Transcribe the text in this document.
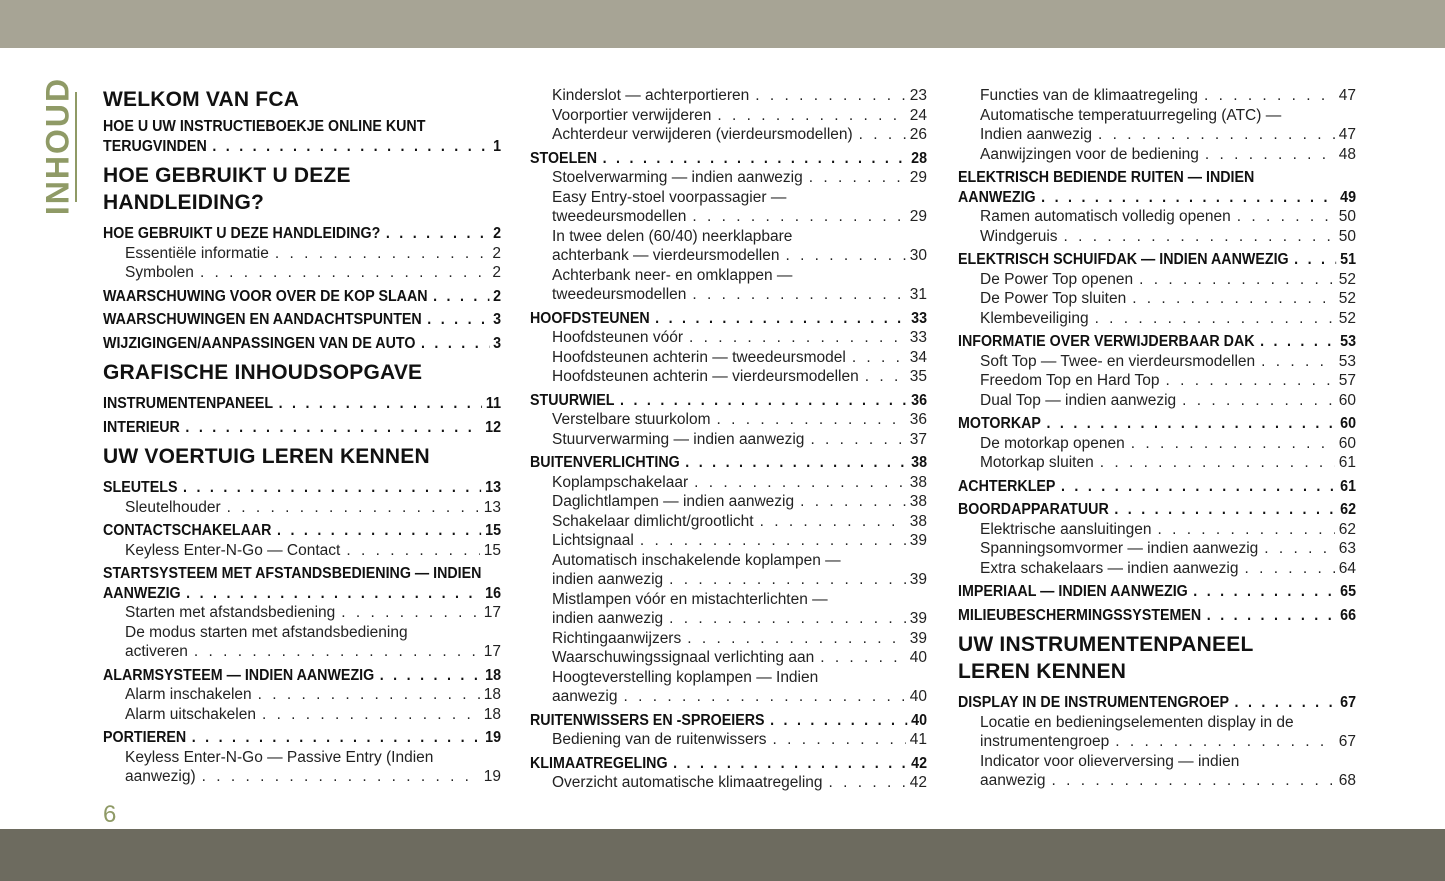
INHOUD WELKOM VAN FCA
HOE U UW INSTRUCTIEBOEKJE ONLINE KUNT
TERUGVINDEN . . .	1
HOE GEBRUIKT U DEZE
HANDLEIDING?
HOE GEBRUIKT U DEZE HANDLEIDING? . . .	2
Essentiële informatie . . .	2
Symbolen . . .	2
WAARSCHUWING VOOR OVER DE KOP SLAAN . . .	2
WAARSCHUWINGEN EN AANDACHTSPUNTEN . . .	3
WIJZIGINGEN/AANPASSINGEN VAN DE AUTO . . .	3
GRAFISCHE INHOUDSOPGAVE
INSTRUMENTENPANEEL . . .	11
INTERIEUR . . .	12
UW VOERTUIG LEREN KENNEN
SLEUTELS . . .	13
Sleutelhouder . . .	13
CONTACTSCHAKELAAR . . .	15
Keyless Enter-N-Go — Contact . . .	15
STARTSYSTEEM MET AFSTANDSBEDIENING — INDIEN
AANWEZIG . . .	16
Starten met afstandsbediening . . .	17
De modus starten met afstandsbediening
activeren . . .	17
ALARMSYSTEEM — INDIEN AANWEZIG . . .	18
Alarm inschakelen . . .	18
Alarm uitschakelen . . .	18
PORTIEREN . . .	19
Keyless Enter-N-Go — Passive Entry (Indien
aanwezig) . . .	19
Kinderslot — achterportieren . . .	23
Voorportier verwijderen . . .	24
Achterdeur verwijderen (vierdeursmodellen) . . .	26
STOELEN . . .	28
Stoelverwarming — indien aanwezig . . .	29
Easy Entry-stoel voorpassagier —
tweedeursmodellen . . .	29
In twee delen (60/40) neerklapbare
achterbank — vierdeursmodellen . . .	30
Achterbank neer- en omklappen —
tweedeursmodellen . . .	31
HOOFDSTEUNEN . . .	33
Hoofdsteunen vóór . . .	33
Hoofdsteunen achterin — tweedeursmodel . . .	34
Hoofdsteunen achterin — vierdeursmodellen . . .	35
STUURWIEL . . .	36
Verstelbare stuurkolom . . .	36
Stuurverwarming — indien aanwezig . . .	37
BUITENVERLICHTING . . .	38
Koplampschakelaar . . .	38
Daglichtlampen — indien aanwezig . . .	38
Schakelaar dimlicht/grootlicht . . .	38
Lichtsignaal . . .	39
Automatisch inschakelende koplampen —
indien aanwezig . . .	39
Mistlampen vóór en mistachterlichten —
indien aanwezig . . .	39
Richtingaanwijzers . . .	39
Waarschuwingssignaal verlichting aan . . .	40
Hoogteverstelling koplampen — Indien
aanwezig . . .	40
RUITENWISSERS EN -SPROEIERS . . .	40
Bediening van de ruitenwissers . . .	41
KLIMAATREGELING . . .	42
Overzicht automatische klimaatregeling . . .	42
Functies van de klimaatregeling . . .	47
Automatische temperatuurregeling (ATC) —
Indien aanwezig . . .	47
Aanwijzingen voor de bediening . . .	48
ELEKTRISCH BEDIENDE RUITEN — INDIEN
AANWEZIG . . .	49
Ramen automatisch volledig openen . . .	50
Windgeruis . . .	50
ELEKTRISCH SCHUIFDAK — INDIEN AANWEZIG . . .	51
De Power Top openen . . .	52
De Power Top sluiten . . .	52
Klembeveiliging . . .	52
INFORMATIE OVER VERWIJDERBAAR DAK . . .	53
Soft Top — Twee- en vierdeursmodellen . . .	53
Freedom Top en Hard Top . . .	57
Dual Top — indien aanwezig . . .	60
MOTORKAP . . .	60
De motorkap openen . . .	60
Motorkap sluiten . . .	61
ACHTERKLEP . . .	61
BOORDAPPARATUUR . . .	62
Elektrische aansluitingen . . .	62
Spanningsomvormer — indien aanwezig . . .	63
Extra schakelaars — indien aanwezig . . .	64
IMPERIAAL — INDIEN AANWEZIG . . .	65
MILIEUBESCHERMINGSSYSTEMEN . . .	66
UW INSTRUMENTENPANEEL
LEREN KENNEN
DISPLAY IN DE INSTRUMENTENGROEP . . .	67
Locatie en bedieningselementen display in de
instrumentengroep . . .	67
Indicator voor olieverversing — indien
aanwezig . . .	68
6
